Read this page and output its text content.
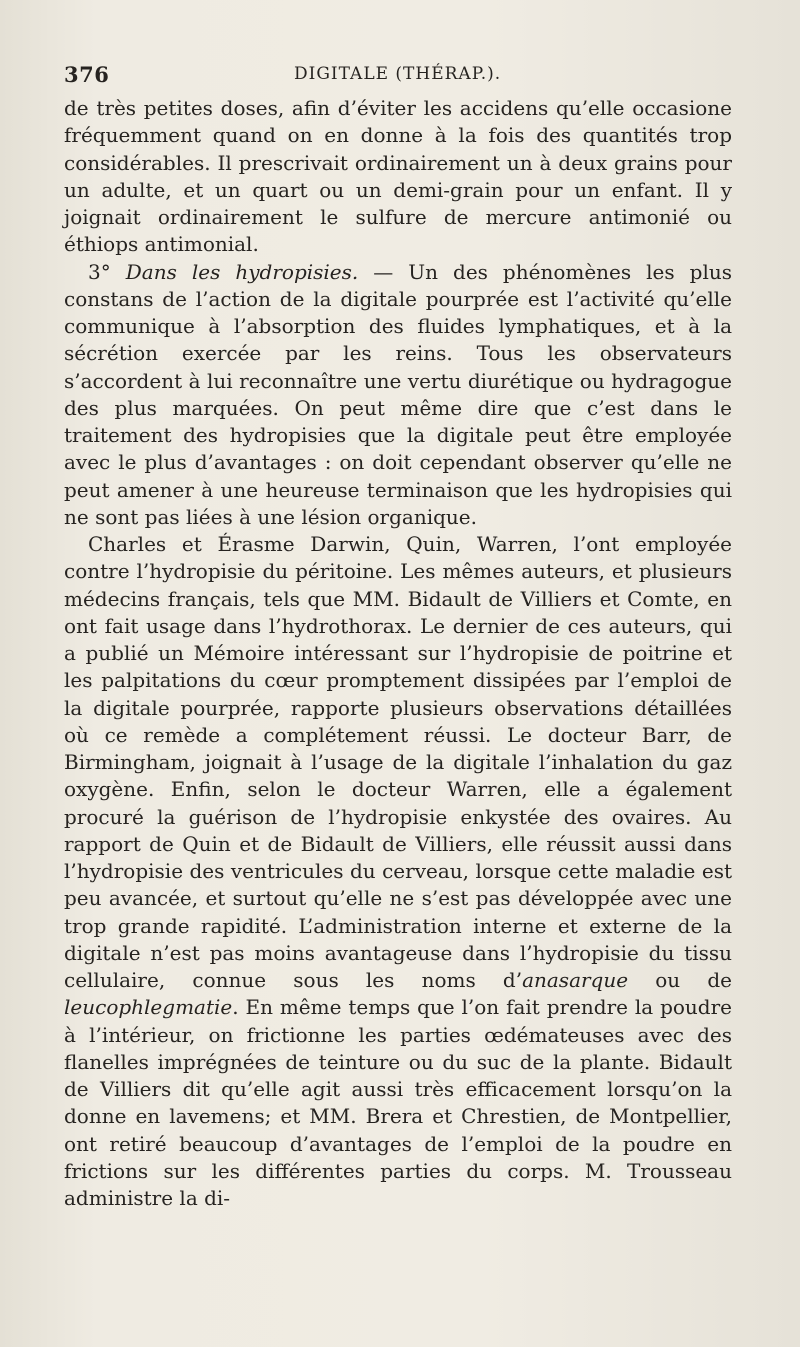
376	DIGITALE (THÉRAP.).

de très petites doses, afin d’éviter les accidens qu’elle occasione fréquemment quand on en donne à la fois des quantités trop considérables. Il prescrivait ordinairement un à deux grains pour un adulte, et un quart ou un demi-grain pour un enfant. Il y joignait ordinairement le sulfure de mercure antimonié ou éthiops antimonial.

3° Dans les hydropisies. — Un des phénomènes les plus constans de l’action de la digitale pourprée est l’activité qu’elle communique à l’absorption des fluides lymphatiques, et à la sécrétion exercée par les reins. Tous les observateurs s’accordent à lui reconnaître une vertu diurétique ou hydragogue des plus marquées. On peut même dire que c’est dans le traitement des hydropisies que la digitale peut être employée avec le plus d’avantages : on doit cependant observer qu’elle ne peut amener à une heureuse terminaison que les hydropisies qui ne sont pas liées à une lésion organique.

Charles et Érasme Darwin, Quin, Warren, l’ont employée contre l’hydropisie du péritoine. Les mêmes auteurs, et plusieurs médecins français, tels que MM. Bidault de Villiers et Comte, en ont fait usage dans l’hydrothorax. Le dernier de ces auteurs, qui a publié un Mémoire intéressant sur l’hydropisie de poitrine et les palpitations du cœur promptement dissipées par l’emploi de la digitale pourprée, rapporte plusieurs observations détaillées où ce remède a complétement réussi. Le docteur Barr, de Birmingham, joignait à l’usage de la digitale l’inhalation du gaz oxygène. Enfin, selon le docteur Warren, elle a également procuré la guérison de l’hydropisie enkystée des ovaires. Au rapport de Quin et de Bidault de Villiers, elle réussit aussi dans l’hydropisie des ventricules du cerveau, lorsque cette maladie est peu avancée, et surtout qu’elle ne s’est pas développée avec une trop grande rapidité. L’administration interne et externe de la digitale n’est pas moins avantageuse dans l’hydropisie du tissu cellulaire, connue sous les noms d’anasarque ou de leucophlegmatie. En même temps que l’on fait prendre la poudre à l’intérieur, on frictionne les parties œdémateuses avec des flanelles imprégnées de teinture ou du suc de la plante. Bidault de Villiers dit qu’elle agit aussi très efficacement lorsqu’on la donne en lavemens; et MM. Brera et Chrestien, de Montpellier, ont retiré beaucoup d’avantages de l’emploi de la poudre en frictions sur les différentes parties du corps. M. Trousseau administre la di-
